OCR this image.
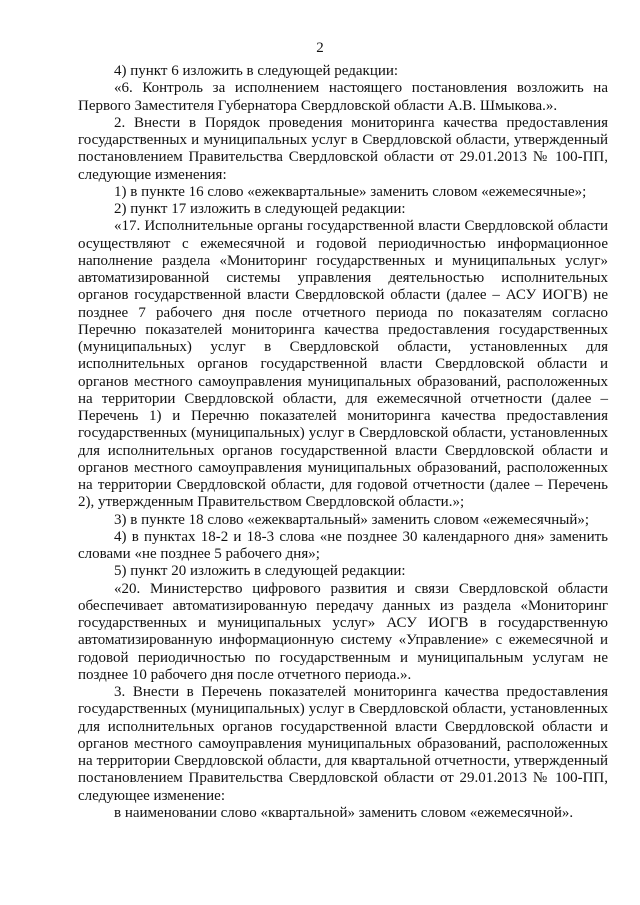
2

4) пункт 6 изложить в следующей редакции:

«6. Контроль за исполнением настоящего постановления возложить на Первого Заместителя Губернатора Свердловской области А.В. Шмыкова.».

2. Внести в Порядок проведения мониторинга качества предоставления государственных и муниципальных услуг в Свердловской области, утвержденный постановлением Правительства Свердловской области от 29.01.2013 № 100-ПП, следующие изменения:

1) в пункте 16 слово «ежеквартальные» заменить словом «ежемесячные»;

2) пункт 17 изложить в следующей редакции:

«17. Исполнительные органы государственной власти Свердловской области осуществляют с ежемесячной и годовой периодичностью информационное наполнение раздела «Мониторинг государственных и муниципальных услуг» автоматизированной системы управления деятельностью исполнительных органов государственной власти Свердловской области (далее – АСУ ИОГВ) не позднее 7 рабочего дня после отчетного периода по показателям согласно Перечню показателей мониторинга качества предоставления государственных (муниципальных) услуг в Свердловской области, установленных для исполнительных органов государственной власти Свердловской области и органов местного самоуправления муниципальных образований, расположенных на территории Свердловской области, для ежемесячной отчетности (далее – Перечень 1) и Перечню показателей мониторинга качества предоставления государственных (муниципальных) услуг в Свердловской области, установленных для исполнительных органов государственной власти Свердловской области и органов местного самоуправления муниципальных образований, расположенных на территории Свердловской области, для годовой отчетности (далее – Перечень 2), утвержденным Правительством Свердловской области.»;

3) в пункте 18 слово «ежеквартальный» заменить словом «ежемесячный»;

4) в пунктах 18-2 и 18-3 слова «не позднее 30 календарного дня» заменить словами «не позднее 5 рабочего дня»;

5) пункт 20 изложить в следующей редакции:

«20. Министерство цифрового развития и связи Свердловской области обеспечивает автоматизированную передачу данных из раздела «Мониторинг государственных и муниципальных услуг» АСУ ИОГВ в государственную автоматизированную информационную систему «Управление» с ежемесячной и годовой периодичностью по государственным и муниципальным услугам не позднее 10 рабочего дня после отчетного периода.».

3. Внести в Перечень показателей мониторинга качества предоставления государственных (муниципальных) услуг в Свердловской области, установленных для исполнительных органов государственной власти Свердловской области и органов местного самоуправления муниципальных образований, расположенных на территории Свердловской области, для квартальной отчетности, утвержденный постановлением Правительства Свердловской области от 29.01.2013 № 100-ПП, следующее изменение:

в наименовании слово «квартальной» заменить словом «ежемесячной».
